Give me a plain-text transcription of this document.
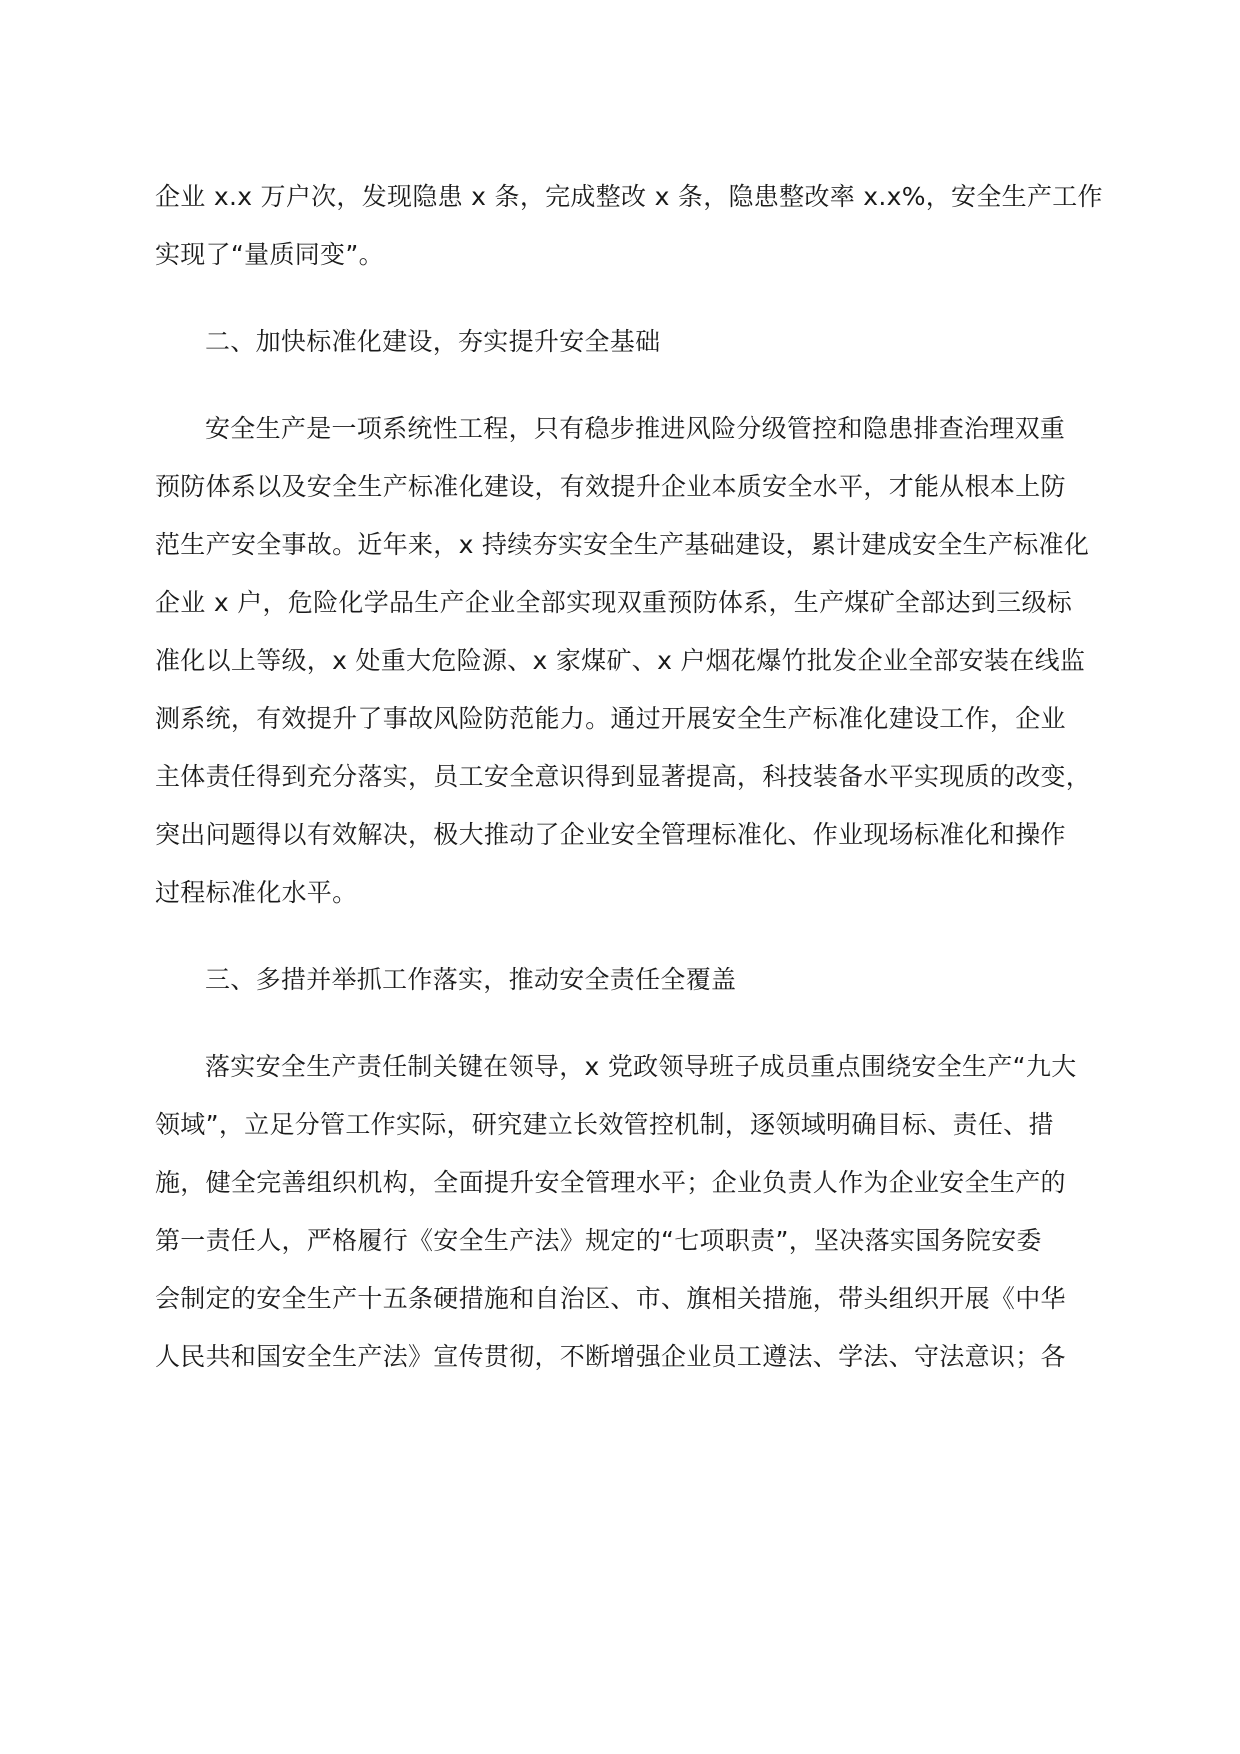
企业 x.x 万户次，发现隐患 x 条，完成整改 x 条，隐患整改率 x.x%，安全生产工作
实现了“量质同变”。
二、加快标准化建设，夯实提升安全基础
安全生产是一项系统性工程，只有稳步推进风险分级管控和隐患排查治理双重
预防体系以及安全生产标准化建设，有效提升企业本质安全水平，才能从根本上防
范生产安全事故。近年来，x 持续夯实安全生产基础建设，累计建成安全生产标准化
企业 x 户，危险化学品生产企业全部实现双重预防体系，生产煤矿全部达到三级标
准化以上等级，x 处重大危险源、x 家煤矿、x 户烟花爆竹批发企业全部安装在线监
测系统，有效提升了事故风险防范能力。通过开展安全生产标准化建设工作，企业
主体责任得到充分落实，员工安全意识得到显著提高，科技装备水平实现质的改变，
突出问题得以有效解决，极大推动了企业安全管理标准化、作业现场标准化和操作
过程标准化水平。
三、多措并举抓工作落实，推动安全责任全覆盖
落实安全生产责任制关键在领导，x 党政领导班子成员重点围绕安全生产“九大
领域”，立足分管工作实际，研究建立长效管控机制，逐领域明确目标、责任、措
施，健全完善组织机构，全面提升安全管理水平；企业负责人作为企业安全生产的
第一责任人，严格履行《安全生产法》规定的“七项职责”，坚决落实国务院安委
会制定的安全生产十五条硬措施和自治区、市、旗相关措施，带头组织开展《中华
人民共和国安全生产法》宣传贯彻，不断增强企业员工遵法、学法、守法意识；各
